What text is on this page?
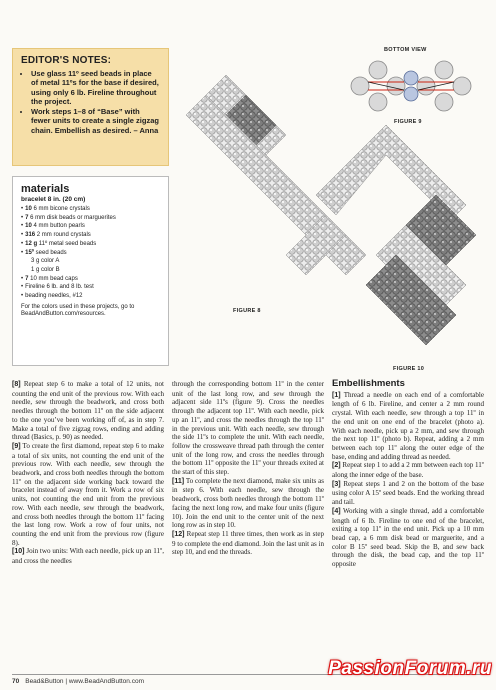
EDITOR'S NOTES:
• Use glass 11º seed beads in place of metal 11ºs for the base if desired, using only 6 lb. Fireline throughout the project.
• Work steps 1–8 of “Base” with fewer units to create a single zigzag chain. Embellish as desired. – Anna
materials
bracelet 8 in. (20 cm)
• 10 6 mm bicone crystals
• 7 6 mm disk beads or marguerites
• 10 4 mm button pearls
• 316 2 mm round crystals
• 12 g 11º metal seed beads
• 15º seed beads
3 g color A
1 g color B
• 7 10 mm bead caps
• Fireline 6 lb. and 8 lb. test
• beading needles, #12
For the colors used in these projects, go to BeadAndButton.com/resources.
BOTTOM VIEW
FIGURE 9
FIGURE 8
FIGURE 10

[8] Repeat step 6 to make a total of 12 units, not counting the end unit of the previous row. With each needle, sew through the beadwork, and cross both needles through the bottom 11º on the side adjacent to the one you’ve been working off of, as in step 7. Make a total of five zigzag rows, ending and adding thread (Basics, p. 90) as needed.

[9] To create the first diamond, repeat step 6 to make a total of six units, not counting the end unit of the previous row. With each needle, sew through the beadwork, and cross both needles through the bottom 11º on the adjacent side working back toward the bracelet instead of away from it. Work a row of six units, not counting the end unit from the previous row. With each needle, sew through the beadwork, and cross both needles through the bottom 11º facing the last long row. Work a row of four units, not counting the end unit from the previous row (figure 8).

[10] Join two units: With each needle, pick up an 11º, and cross the needles

through the corresponding bottom 11º in the center unit of the last long row, and sew through the adjacent side 11ºs (figure 9). Cross the needles through the adjacent top 11º. With each needle, pick up an 11º, and cross the needles through the top 11º in the previous unit. With each needle, sew through the side 11ºs to complete the unit. With each needle, follow the crossweave thread path through the center unit of the long row, and cross the needles through the bottom 11º opposite the 11º your threads exited at the start of this step.

[11] To complete the next diamond, make six units as in step 6. With each needle, sew through the beadwork, cross both needles through the bottom 11º facing the next long row, and make four units (figure 10). Join the end unit to the center unit of the next long row as in step 10.

[12] Repeat step 11 three times, then work as in step 9 to complete the end diamond. Join the last unit as in step 10, and end the threads.

Embellishments

[1] Thread a needle on each end of a comfortable length of 6 lb. Fireline, and center a 2 mm round crystal. With each needle, sew through a top 11º in the end unit on one end of the bracelet (photo a). With each needle, pick up a 2 mm, and sew through the next top 11º (photo b). Repeat, adding a 2 mm between each top 11º along the outer edge of the base, ending and adding thread as needed.

[2] Repeat step 1 to add a 2 mm between each top 11º along the inner edge of the base.

[3] Repeat steps 1 and 2 on the bottom of the base using color A 15º seed beads. End the working thread and tail.

[4] Working with a single thread, add a comfortable length of 6 lb. Fireline to one end of the bracelet, exiting a top 11º in the end unit. Pick up a 10 mm bead cap, a 6 mm disk bead or marguerite, and a color B 15º seed bead. Skip the B, and sew back through the disk, the bead cap, and the top 11º opposite

70 Bead&Button | www.BeadAndButton.com
PassionForum.ru
